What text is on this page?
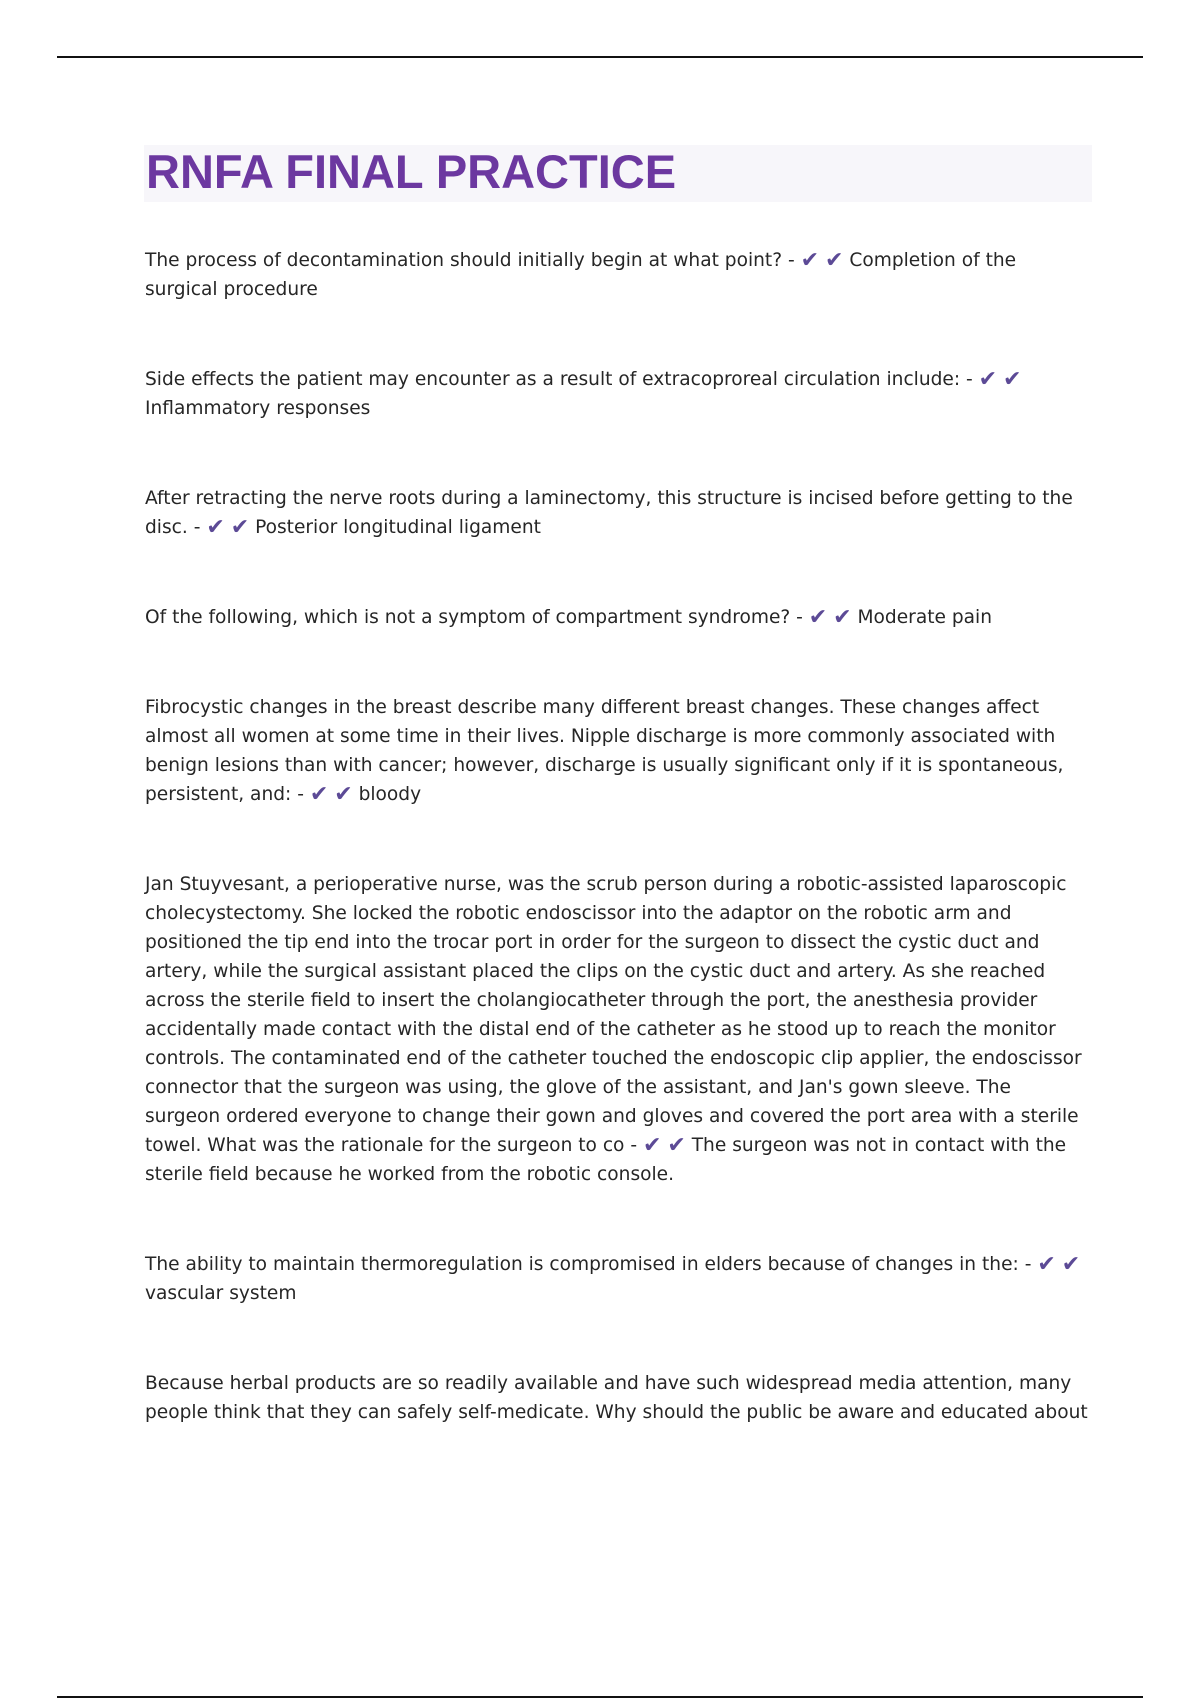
RNFA FINAL PRACTICE

The process of decontamination should initially begin at what point? - ✔ ✔ Completion of the surgical procedure

Side effects the patient may encounter as a result of extracoproreal circulation include: - ✔ ✔ Inflammatory responses

After retracting the nerve roots during a laminectomy, this structure is incised before getting to the disc. - ✔ ✔ Posterior longitudinal ligament

Of the following, which is not a symptom of compartment syndrome? - ✔ ✔ Moderate pain

Fibrocystic changes in the breast describe many different breast changes. These changes affect almost all women at some time in their lives. Nipple discharge is more commonly associated with benign lesions than with cancer; however, discharge is usually significant only if it is spontaneous, persistent, and: - ✔ ✔ bloody

Jan Stuyvesant, a perioperative nurse, was the scrub person during a robotic-assisted laparoscopic cholecystectomy. She locked the robotic endoscissor into the adaptor on the robotic arm and positioned the tip end into the trocar port in order for the surgeon to dissect the cystic duct and artery, while the surgical assistant placed the clips on the cystic duct and artery. As she reached across the sterile field to insert the cholangiocatheter through the port, the anesthesia provider accidentally made contact with the distal end of the catheter as he stood up to reach the monitor controls. The contaminated end of the catheter touched the endoscopic clip applier, the endoscissor connector that the surgeon was using, the glove of the assistant, and Jan's gown sleeve. The surgeon ordered everyone to change their gown and gloves and covered the port area with a sterile towel. What was the rationale for the surgeon to co - ✔ ✔ The surgeon was not in contact with the sterile field because he worked from the robotic console.

The ability to maintain thermoregulation is compromised in elders because of changes in the: - ✔ ✔ vascular system

Because herbal products are so readily available and have such widespread media attention, many people think that they can safely self-medicate. Why should the public be aware and educated about
